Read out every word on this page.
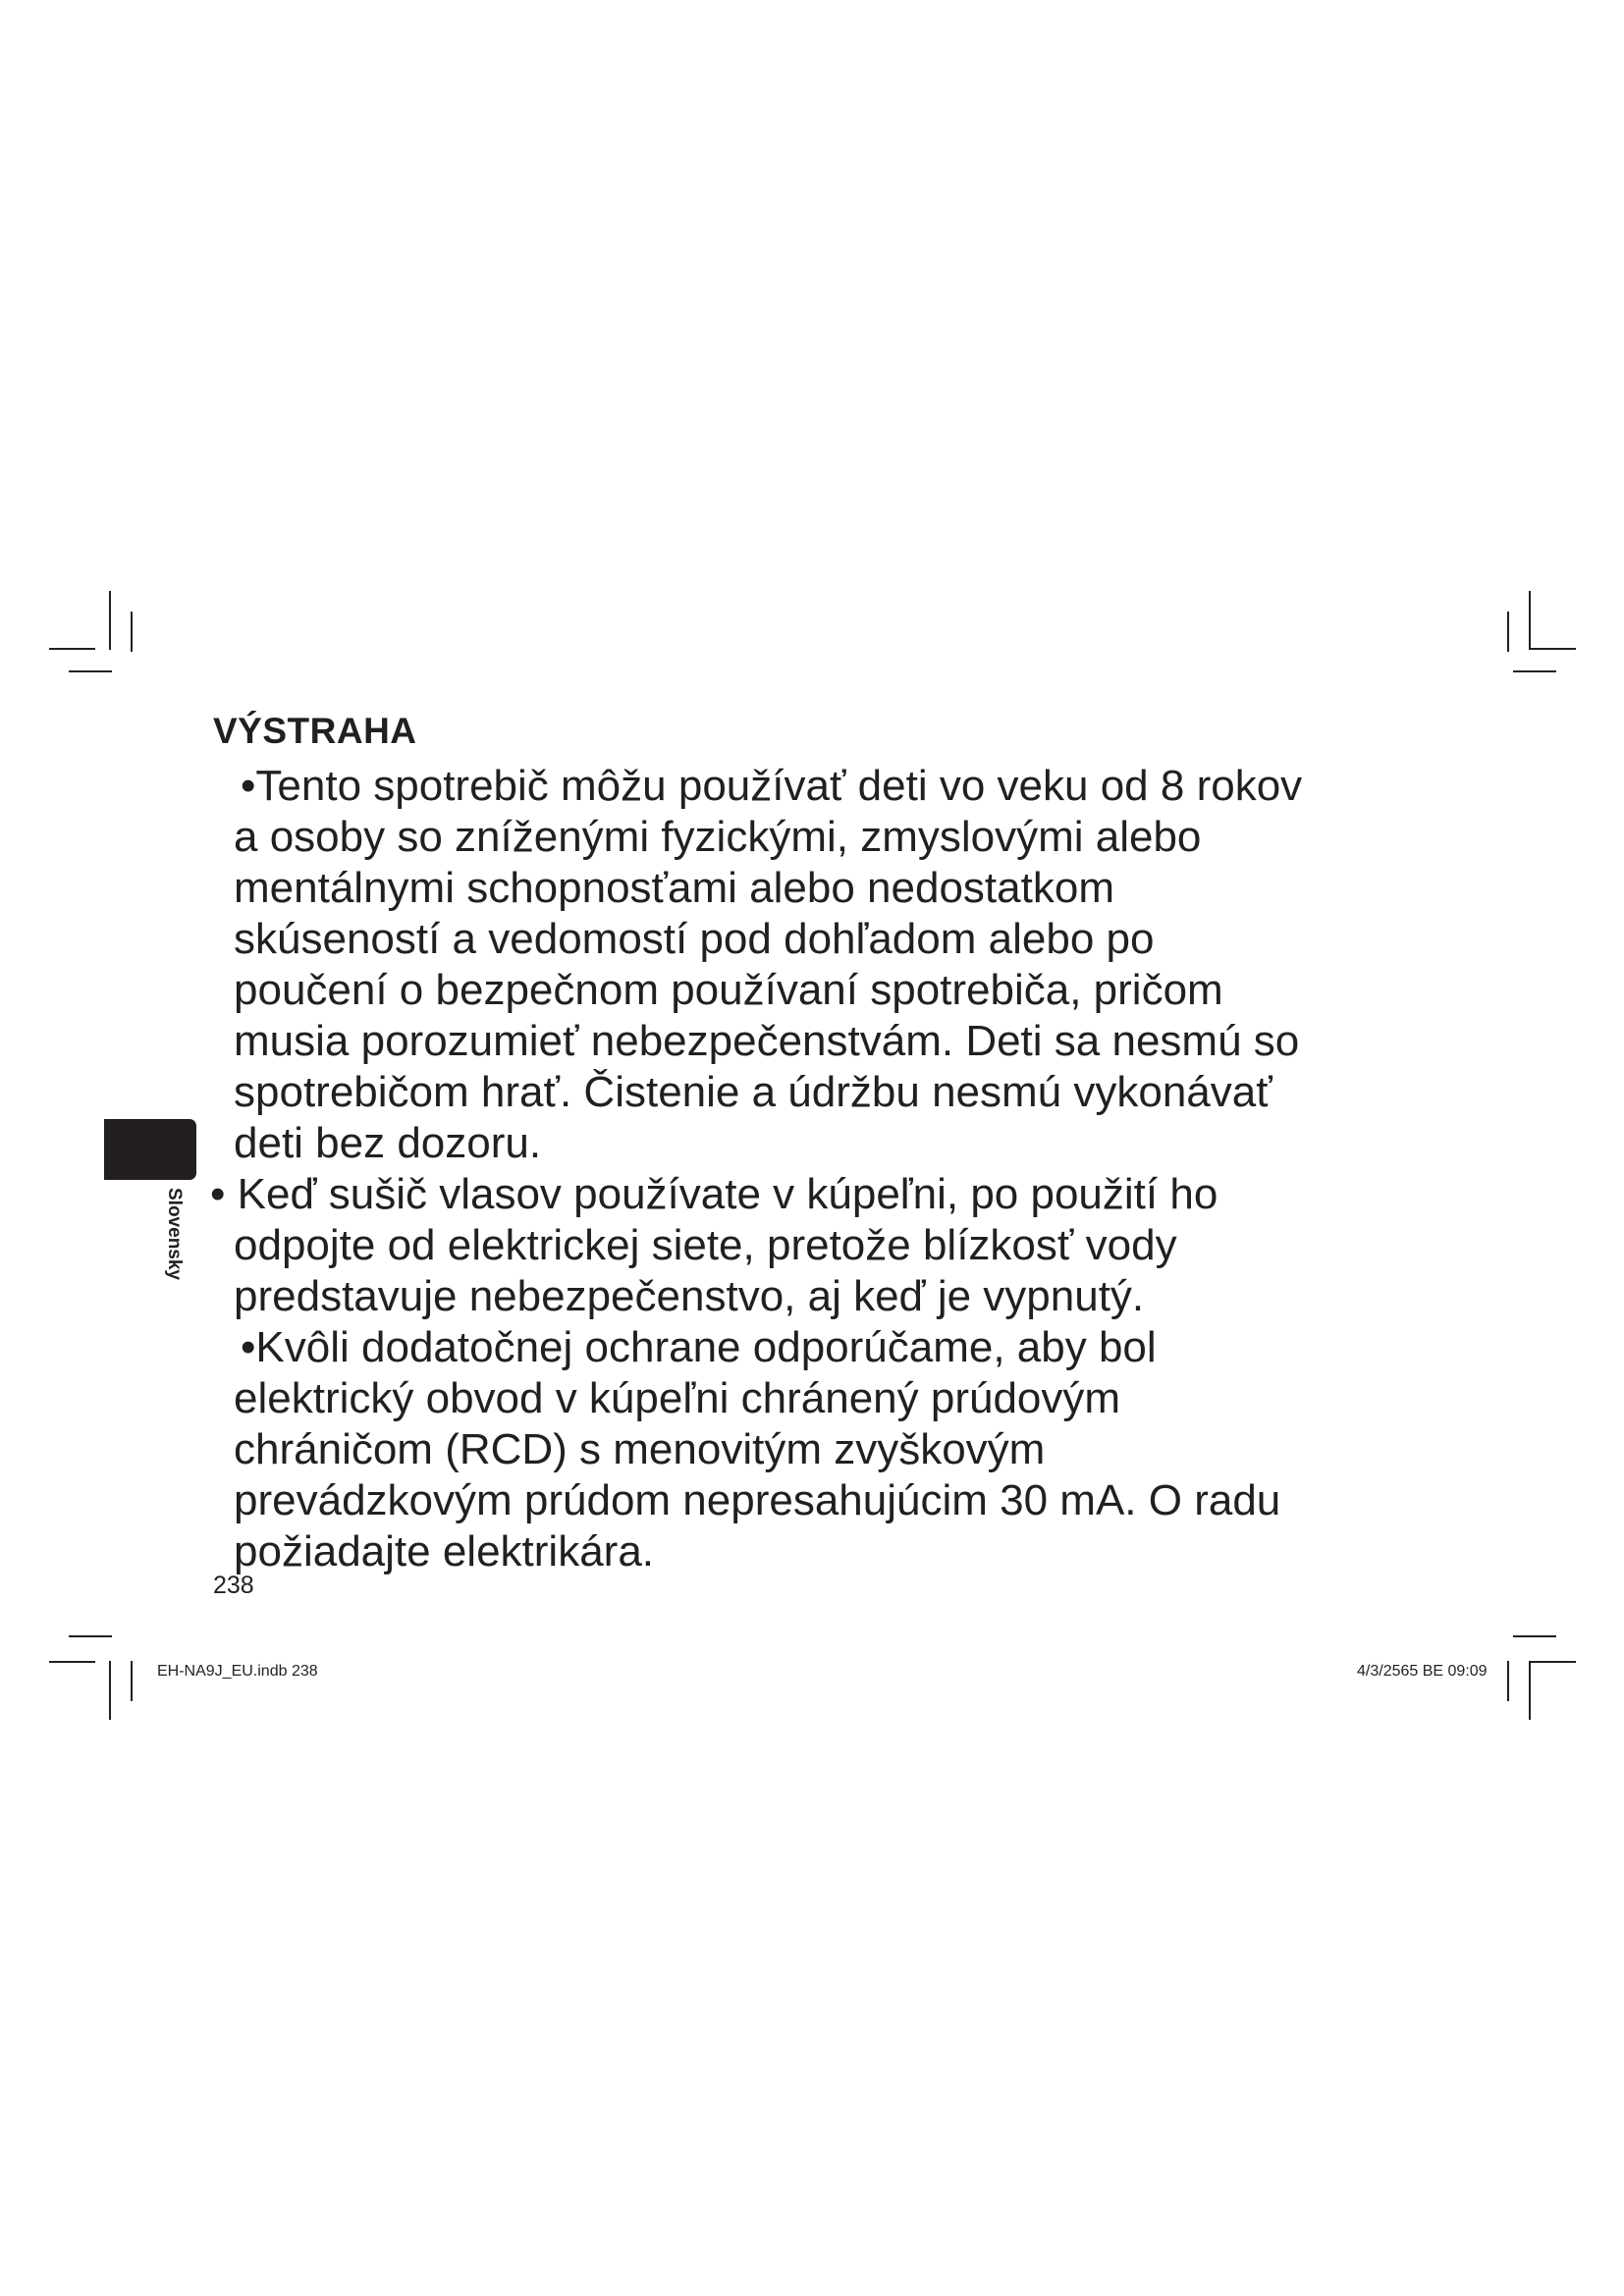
Slovensky
VÝSTRAHA
•Tento spotrebič môžu používať deti vo veku od 8 rokov
a osoby so zníženými fyzickými, zmyslovými alebo
mentálnymi schopnosťami alebo nedostatkom
skúseností a vedomostí pod dohľadom alebo po
poučení o bezpečnom používaní spotrebiča, pričom
musia porozumieť nebezpečenstvám. Deti sa nesmú so
spotrebičom hrať. Čistenie a údržbu nesmú vykonávať
deti bez dozoru.
• Keď sušič vlasov používate v kúpeľni, po použití ho
odpojte od elektrickej siete, pretože blízkosť vody
predstavuje nebezpečenstvo, aj keď je vypnutý.
•Kvôli dodatočnej ochrane odporúčame, aby bol
elektrický obvod v kúpeľni chránený prúdovým
chráničom (RCD) s menovitým zvyškovým
prevádzkovým prúdom nepresahujúcim 30 mA. O radu
požiadajte elektrikára.
238
EH-NA9J_EU.indb 238	4/3/2565 BE 09:09
